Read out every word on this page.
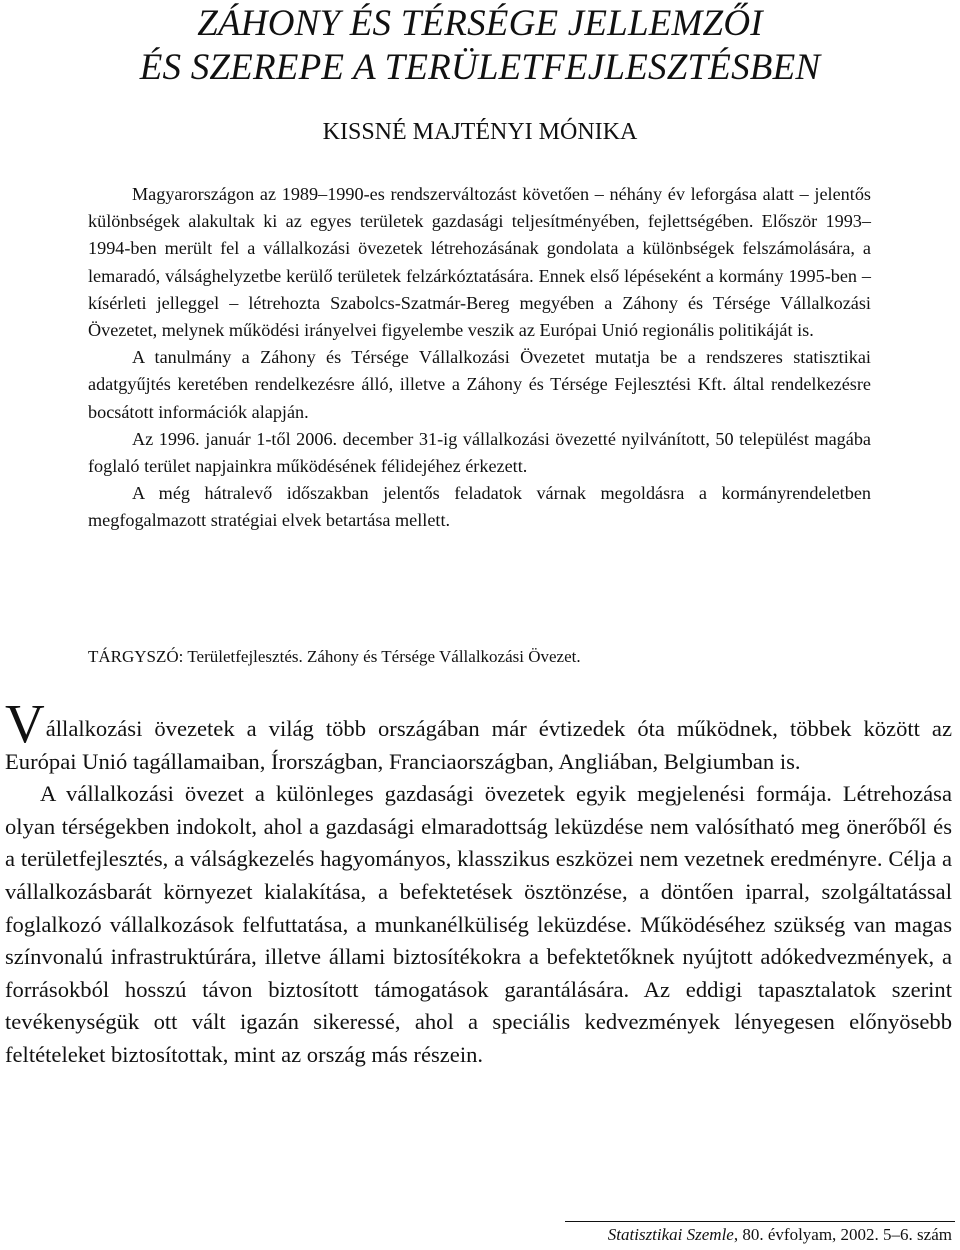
ZÁHONY ÉS TÉRSÉGE JELLEMZŐI
ÉS SZEREPE A TERÜLETFEJLESZTÉSBEN
KISSNÉ MAJTÉNYI MÓNIKA

Magyarországon az 1989–1990-es rendszerváltozást követően – néhány év leforgása alatt – jelentős különbségek alakultak ki az egyes területek gazdasági teljesítményében, fejlettségében. Először 1993–1994-ben merült fel a vállalkozási övezetek létrehozásának gondolata a különbségek felszámolására, a lemaradó, válsághelyzetbe kerülő területek felzárkóztatására. Ennek első lépéseként a kormány 1995-ben – kísérleti jelleggel – létrehozta Szabolcs-Szatmár-Bereg megyében a Záhony és Térsége Vállalkozási Övezetet, melynek működési irányelvei figyelembe veszik az Európai Unió regionális politikáját is.

A tanulmány a Záhony és Térsége Vállalkozási Övezetet mutatja be a rendszeres statisztikai adatgyűjtés keretében rendelkezésre álló, illetve a Záhony és Térsége Fejlesztési Kft. által rendelkezésre bocsátott információk alapján.

Az 1996. január 1-től 2006. december 31-ig vállalkozási övezetté nyilvánított, 50 települést magába foglaló terület napjainkra működésének félidejéhez érkezett.

A még hátralevő időszakban jelentős feladatok várnak megoldásra a kormányrendeletben megfogalmazott stratégiai elvek betartása mellett.

TÁRGYSZÓ: Területfejlesztés. Záhony és Térsége Vállalkozási Övezet.

Vállalkozási övezetek a világ több országában már évtizedek óta működnek, többek között az Európai Unió tagállamaiban, Írországban, Franciaországban, Angliában, Belgiumban is.

A vállalkozási övezet a különleges gazdasági övezetek egyik megjelenési formája. Létrehozása olyan térségekben indokolt, ahol a gazdasági elmaradottság leküzdése nem valósítható meg önerőből és a területfejlesztés, a válságkezelés hagyományos, klasszikus eszközei nem vezetnek eredményre. Célja a vállalkozásbarát környezet kialakítása, a befektetések ösztönzése, a döntően iparral, szolgáltatással foglalkozó vállalkozások felfuttatása, a munkanélküliség leküzdése. Működéséhez szükség van magas színvonalú infrastruktúrára, illetve állami biztosítékokra a befektetőknek nyújtott adókedvezmények, a forrásokból hosszú távon biztosított támogatások garantálására. Az eddigi tapasztalatok szerint tevékenységük ott vált igazán sikeressé, ahol a speciális kedvezmények lényegesen előnyösebb feltételeket biztosítottak, mint az ország más részein.

Statisztikai Szemle, 80. évfolyam, 2002. 5–6. szám
